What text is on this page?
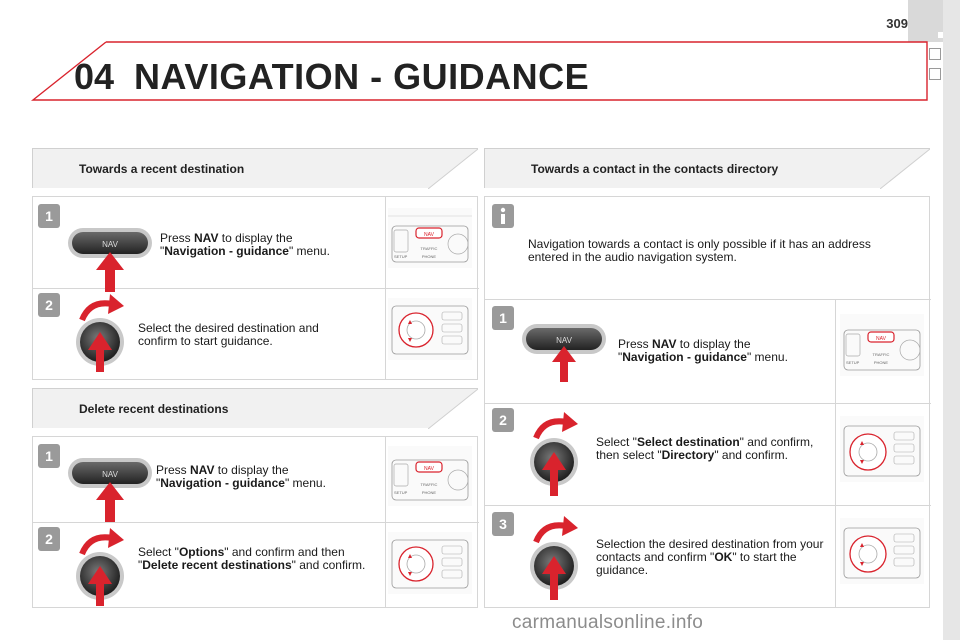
309
04 NAVIGATION - GUIDANCE
Towards a recent destination
1
NAV	Press NAV to display the
"Navigation - guidance" menu.
NAV
TRAFFIC
PHONE
SETUP
2
Select the desired destination and confirm to start guidance.
Delete recent destinations
1
NAV	Press NAV to display the
"Navigation - guidance" menu.
NAV
TRAFFIC
PHONE
SETUP
2
Select "Options" and confirm and then "Delete recent destinations" and confirm.
Towards a contact in the contacts directory
Navigation towards a contact is only possible if it has an address entered in the audio navigation system.
1
NAV	Press NAV to display the
"Navigation - guidance" menu.
NAV
TRAFFIC
PHONE
SETUP
2
Select "Select destination" and confirm, then select "Directory" and confirm.
3
Selection the desired destination from your contacts and confirm "OK" to start the guidance.
carmanualsonline.info
